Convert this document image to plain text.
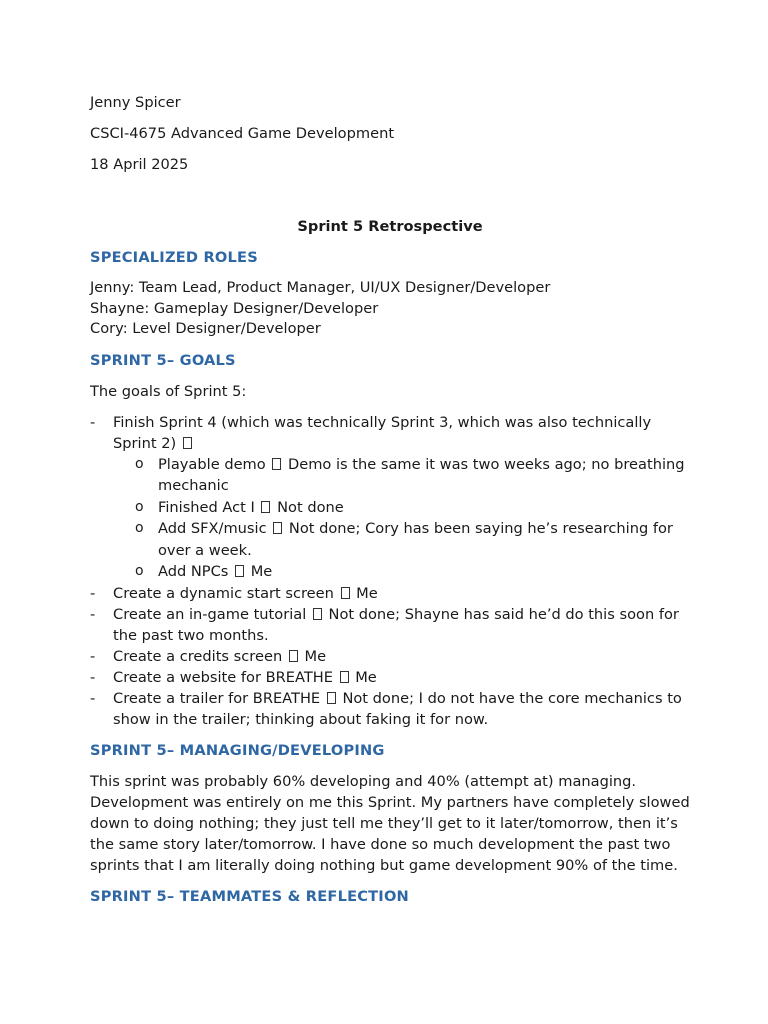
Jenny Spicer
CSCI-4675 Advanced Game Development
18 April 2025
Sprint 5 Retrospective
SPECIALIZED ROLES
Jenny: Team Lead, Product Manager, UI/UX Designer/Developer
Shayne: Gameplay Designer/Developer
Cory: Level Designer/Developer
SPRINT 5– GOALS
The goals of Sprint 5:
- Finish Sprint 4 (which was technically Sprint 3, which was also technically Sprint 2)
o Playable demo Demo is the same it was two weeks ago; no breathing mechanic
o Finished Act I Not done
o Add SFX/music Not done; Cory has been saying he’s researching for over a week.
o Add NPCs Me
- Create a dynamic start screen Me
- Create an in-game tutorial Not done; Shayne has said he’d do this soon for the past two months.
- Create a credits screen Me
- Create a website for BREATHE Me
- Create a trailer for BREATHE Not done; I do not have the core mechanics to show in the trailer; thinking about faking it for now.
SPRINT 5– MANAGING/DEVELOPING
This sprint was probably 60% developing and 40% (attempt at) managing. Development was entirely on me this Sprint. My partners have completely slowed down to doing nothing; they just tell me they’ll get to it later/tomorrow, then it’s the same story later/tomorrow. I have done so much development the past two sprints that I am literally doing nothing but game development 90% of the time.
SPRINT 5– TEAMMATES & REFLECTION
